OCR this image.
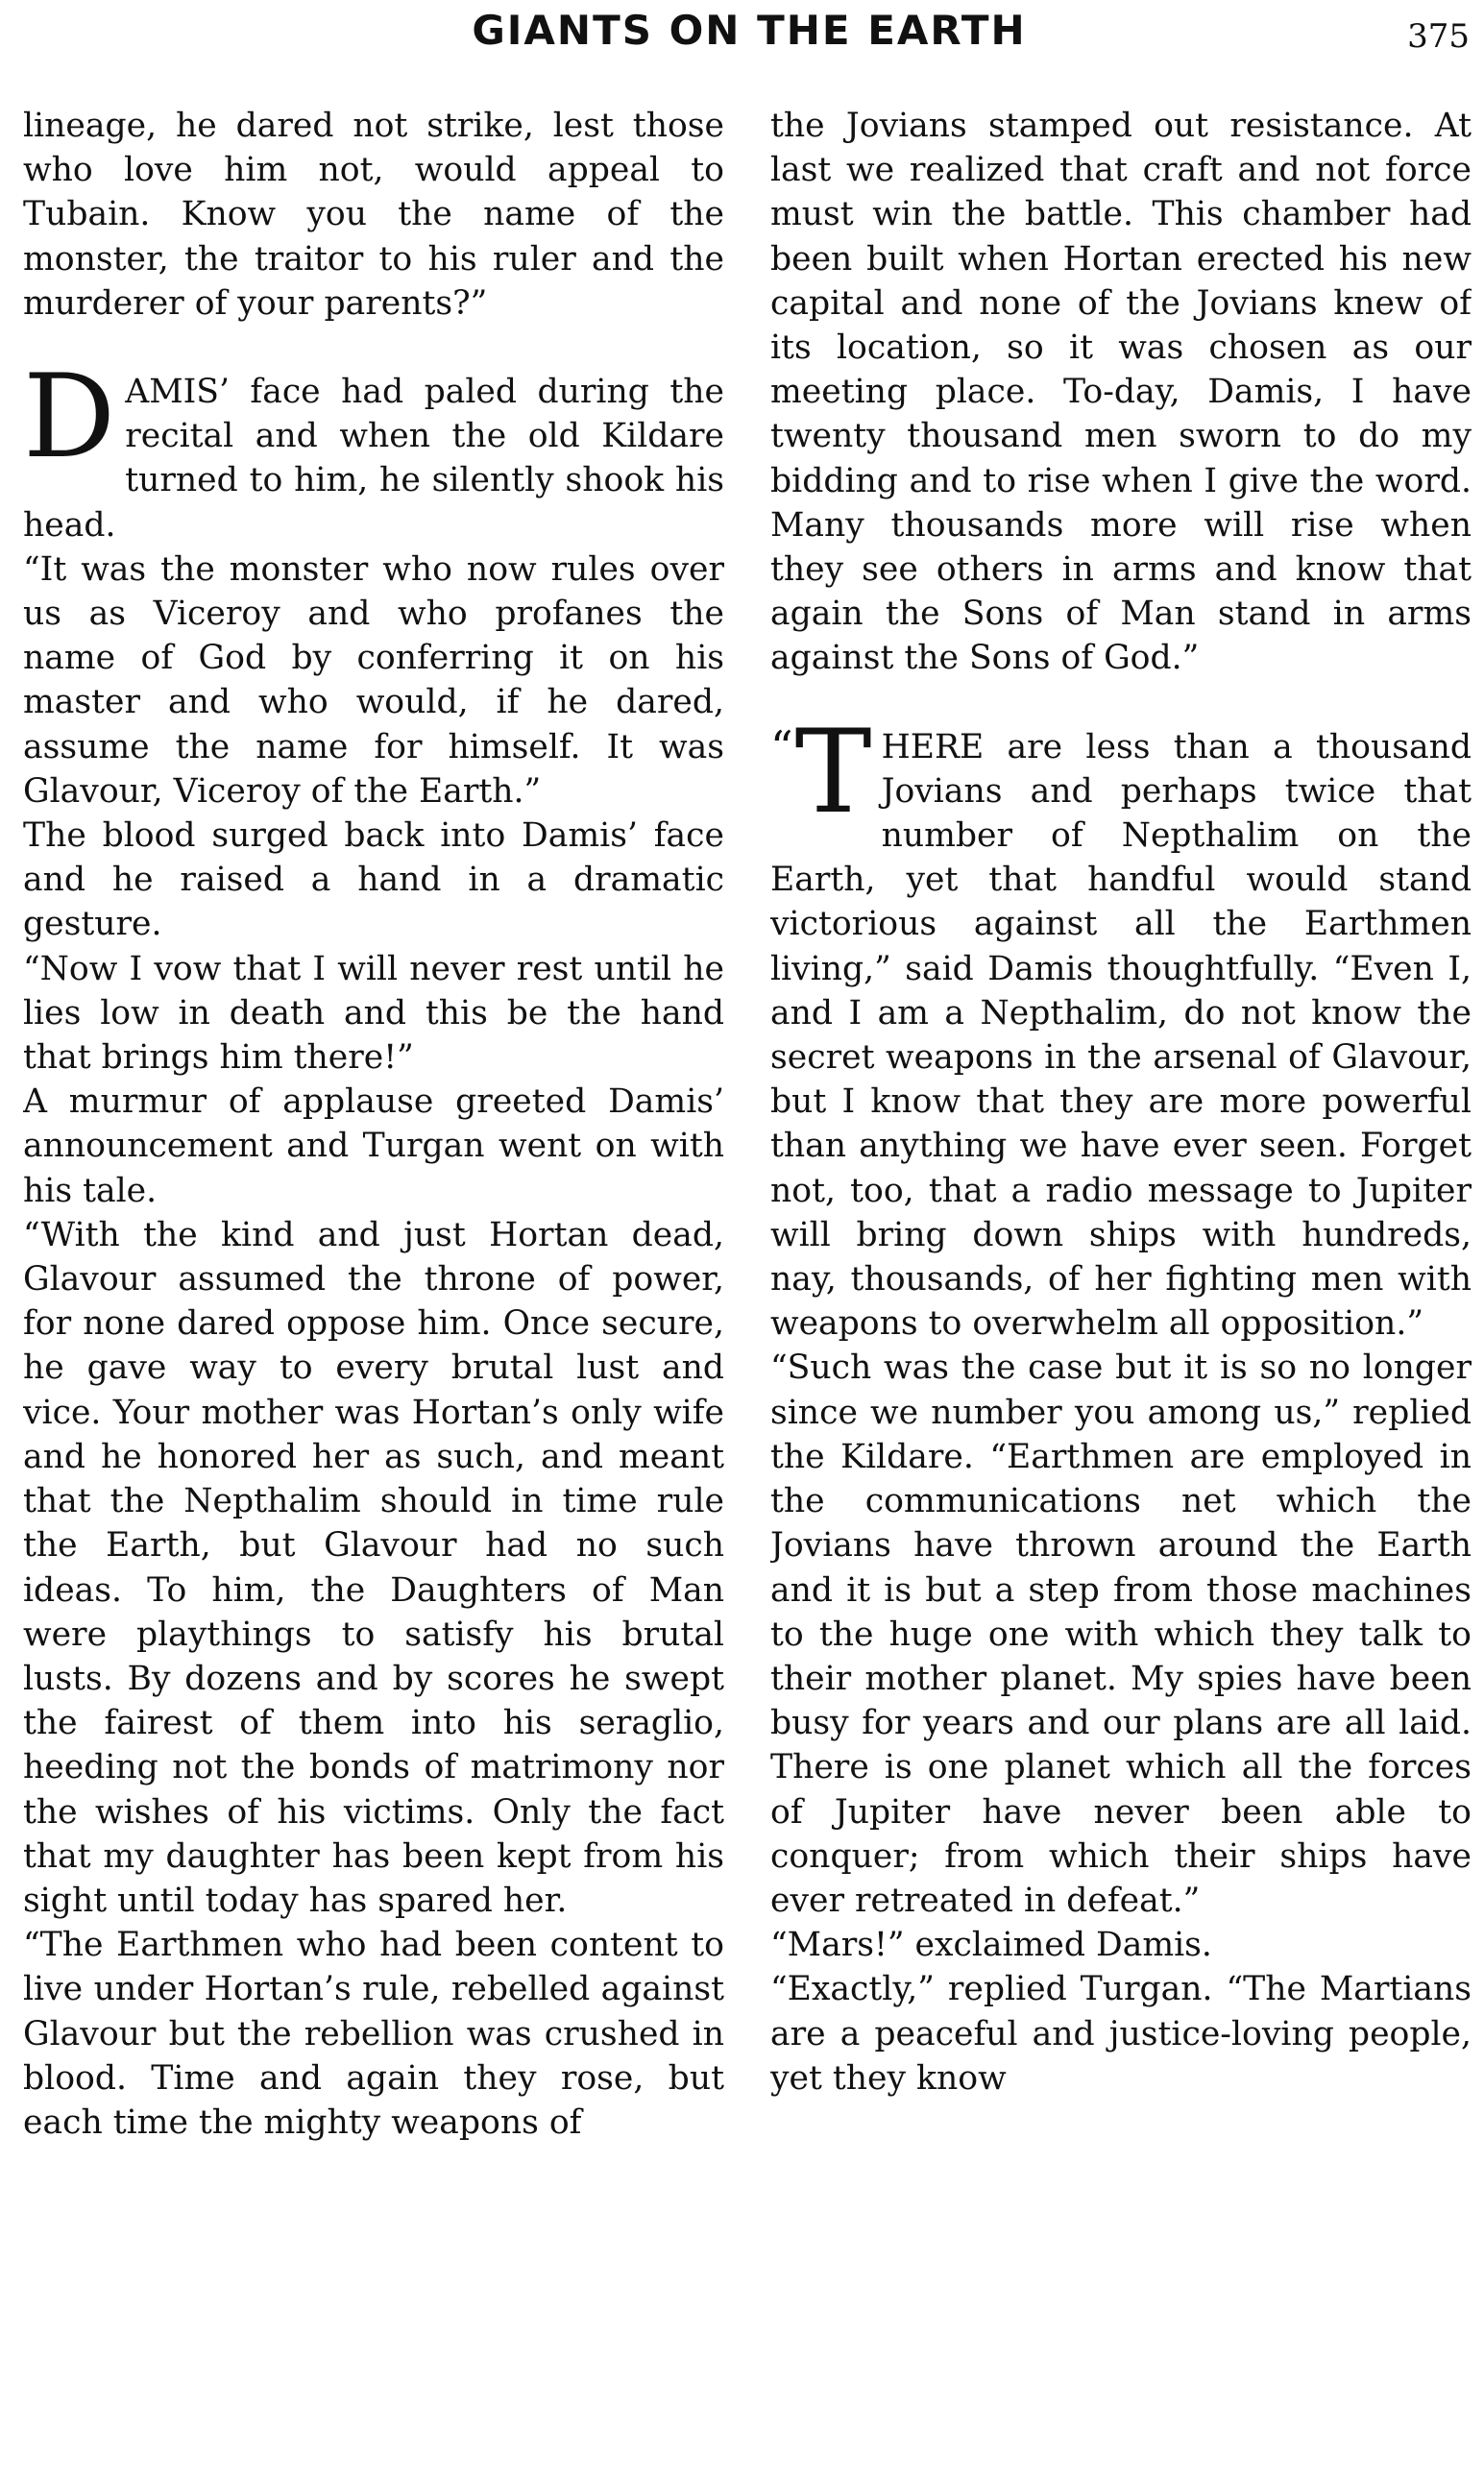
GIANTS ON THE EARTH	375

lineage, he dared not strike, lest those who love him not, would appeal to Tubain. Know you the name of the monster, the traitor to his ruler and the murderer of your parents?”

DAMIS’ face had paled during the recital and when the old Kildare turned to him, he silently shook his head.

“It was the monster who now rules over us as Viceroy and who profanes the name of God by conferring it on his master and who would, if he dared, assume the name for himself. It was Glavour, Viceroy of the Earth.”

The blood surged back into Damis’ face and he raised a hand in a dramatic gesture.

“Now I vow that I will never rest until he lies low in death and this be the hand that brings him there!”

A murmur of applause greeted Damis’ announcement and Turgan went on with his tale.

“With the kind and just Hortan dead, Glavour assumed the throne of power, for none dared oppose him. Once secure, he gave way to every brutal lust and vice. Your mother was Hortan’s only wife and he honored her as such, and meant that the Nepthalim should in time rule the Earth, but Glavour had no such ideas. To him, the Daughters of Man were playthings to satisfy his brutal lusts. By dozens and by scores he swept the fairest of them into his seraglio, heeding not the bonds of matrimony nor the wishes of his victims. Only the fact that my daughter has been kept from his sight until today has spared her.

“The Earthmen who had been content to live under Hortan’s rule, rebelled against Glavour but the rebellion was crushed in blood. Time and again they rose, but each time the mighty weapons of

the Jovians stamped out resistance. At last we realized that craft and not force must win the battle. This chamber had been built when Hortan erected his new capital and none of the Jovians knew of its location, so it was chosen as our meeting place. To-day, Damis, I have twenty thousand men sworn to do my bidding and to rise when I give the word. Many thousands more will rise when they see others in arms and know that again the Sons of Man stand in arms against the Sons of God.”

“ T HERE are less than a thousand Jovians and perhaps twice that number of Nepthalim on the Earth, yet that handful would stand victorious against all the Earthmen living,” said Damis thoughtfully. “Even I, and I am a Nepthalim, do not know the secret weapons in the arsenal of Glavour, but I know that they are more powerful than anything we have ever seen. Forget not, too, that a radio message to Jupiter will bring down ships with hundreds, nay, thousands, of her fighting men with weapons to overwhelm all opposition.”

“Such was the case but it is so no longer since we number you among us,” replied the Kildare. “Earthmen are employed in the communications net which the Jovians have thrown around the Earth and it is but a step from those machines to the huge one with which they talk to their mother planet. My spies have been busy for years and our plans are all laid. There is one planet which all the forces of Jupiter have never been able to conquer; from which their ships have ever retreated in defeat.”

“Mars!” exclaimed Damis.

“Exactly,” replied Turgan. “The Martians are a peaceful and justice-loving people, yet they know
